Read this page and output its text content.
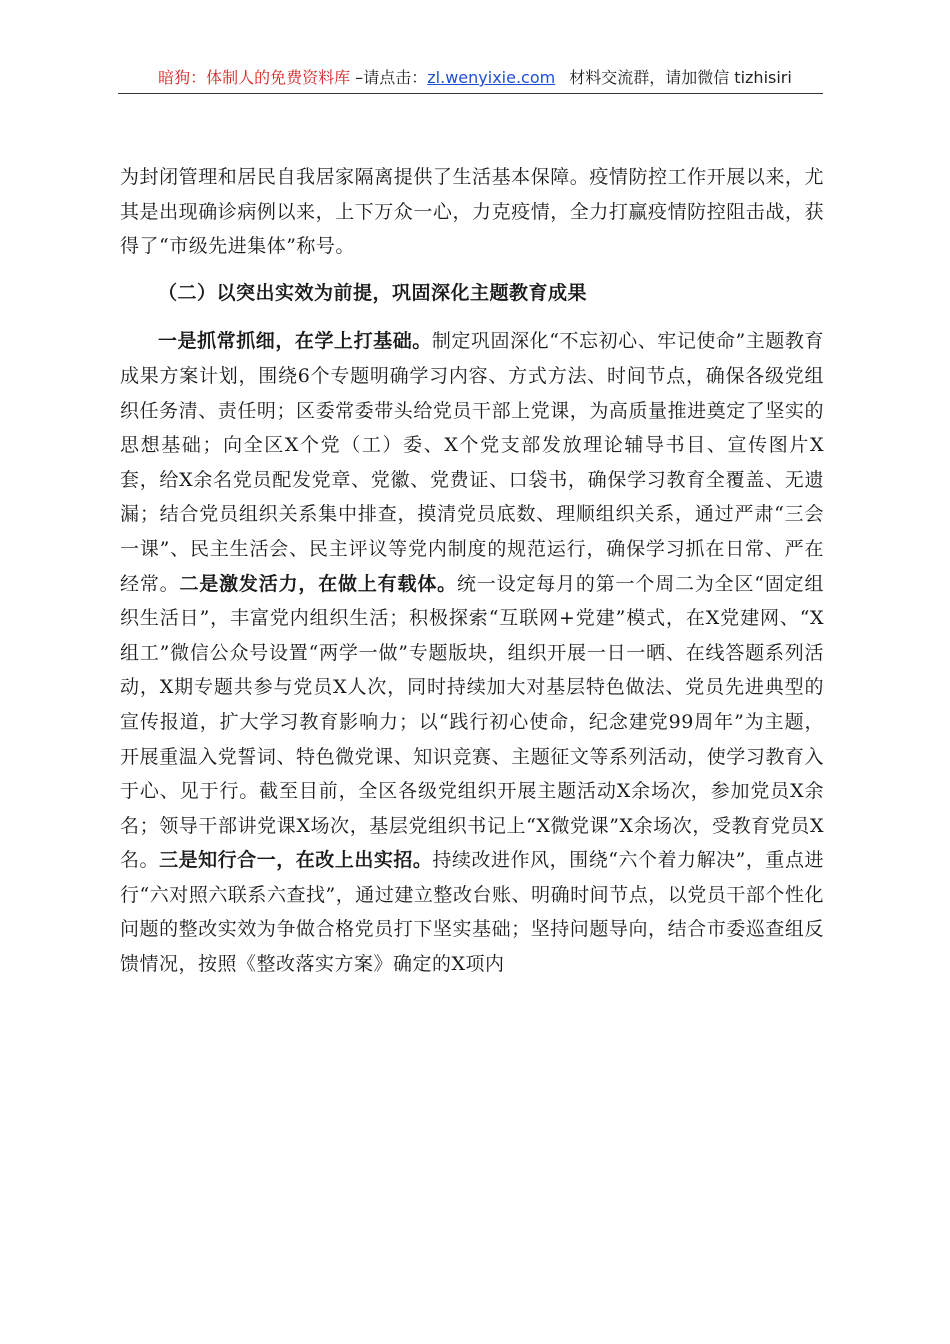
暗狗：体制人的免费资料库 –请点击：zl.wenyixie.com 材料交流群，请加微信 tizhisiri

为封闭管理和居民自我居家隔离提供了生活基本保障。疫情防控工作开展以来，尤其是出现确诊病例以来，上下万众一心，力克疫情，全力打赢疫情防控阻击战，获得了“市级先进集体”称号。

（二）以突出实效为前提，巩固深化主题教育成果

一是抓常抓细，在学上打基础。制定巩固深化“不忘初心、牢记使命”主题教育成果方案计划，围绕6个专题明确学习内容、方式方法、时间节点，确保各级党组织任务清、责任明；区委常委带头给党员干部上党课，为高质量推进奠定了坚实的思想基础；向全区X个党（工）委、X个党支部发放理论辅导书目、宣传图片X套，给X余名党员配发党章、党徽、党费证、口袋书，确保学习教育全覆盖、无遗漏；结合党员组织关系集中排查，摸清党员底数、理顺组织关系，通过严肃“三会一课”、民主生活会、民主评议等党内制度的规范运行，确保学习抓在日常、严在经常。二是激发活力，在做上有载体。统一设定每月的第一个周二为全区“固定组织生活日”，丰富党内组织生活；积极探索“互联网+党建”模式，在X党建网、“X组工”微信公众号设置“两学一做”专题版块，组织开展一日一晒、在线答题系列活动，X期专题共参与党员X人次，同时持续加大对基层特色做法、党员先进典型的宣传报道，扩大学习教育影响力；以“践行初心使命，纪念建党99周年”为主题，开展重温入党誓词、特色微党课、知识竞赛、主题征文等系列活动，使学习教育入于心、见于行。截至目前，全区各级党组织开展主题活动X余场次，参加党员X余名；领导干部讲党课X场次，基层党组织书记上“X微党课”X余场次，受教育党员X名。三是知行合一，在改上出实招。持续改进作风，围绕“六个着力解决”，重点进行“六对照六联系六查找”，通过建立整改台账、明确时间节点，以党员干部个性化问题的整改实效为争做合格党员打下坚实基础；坚持问题导向，结合市委巡查组反馈情况，按照《整改落实方案》确定的X项内
